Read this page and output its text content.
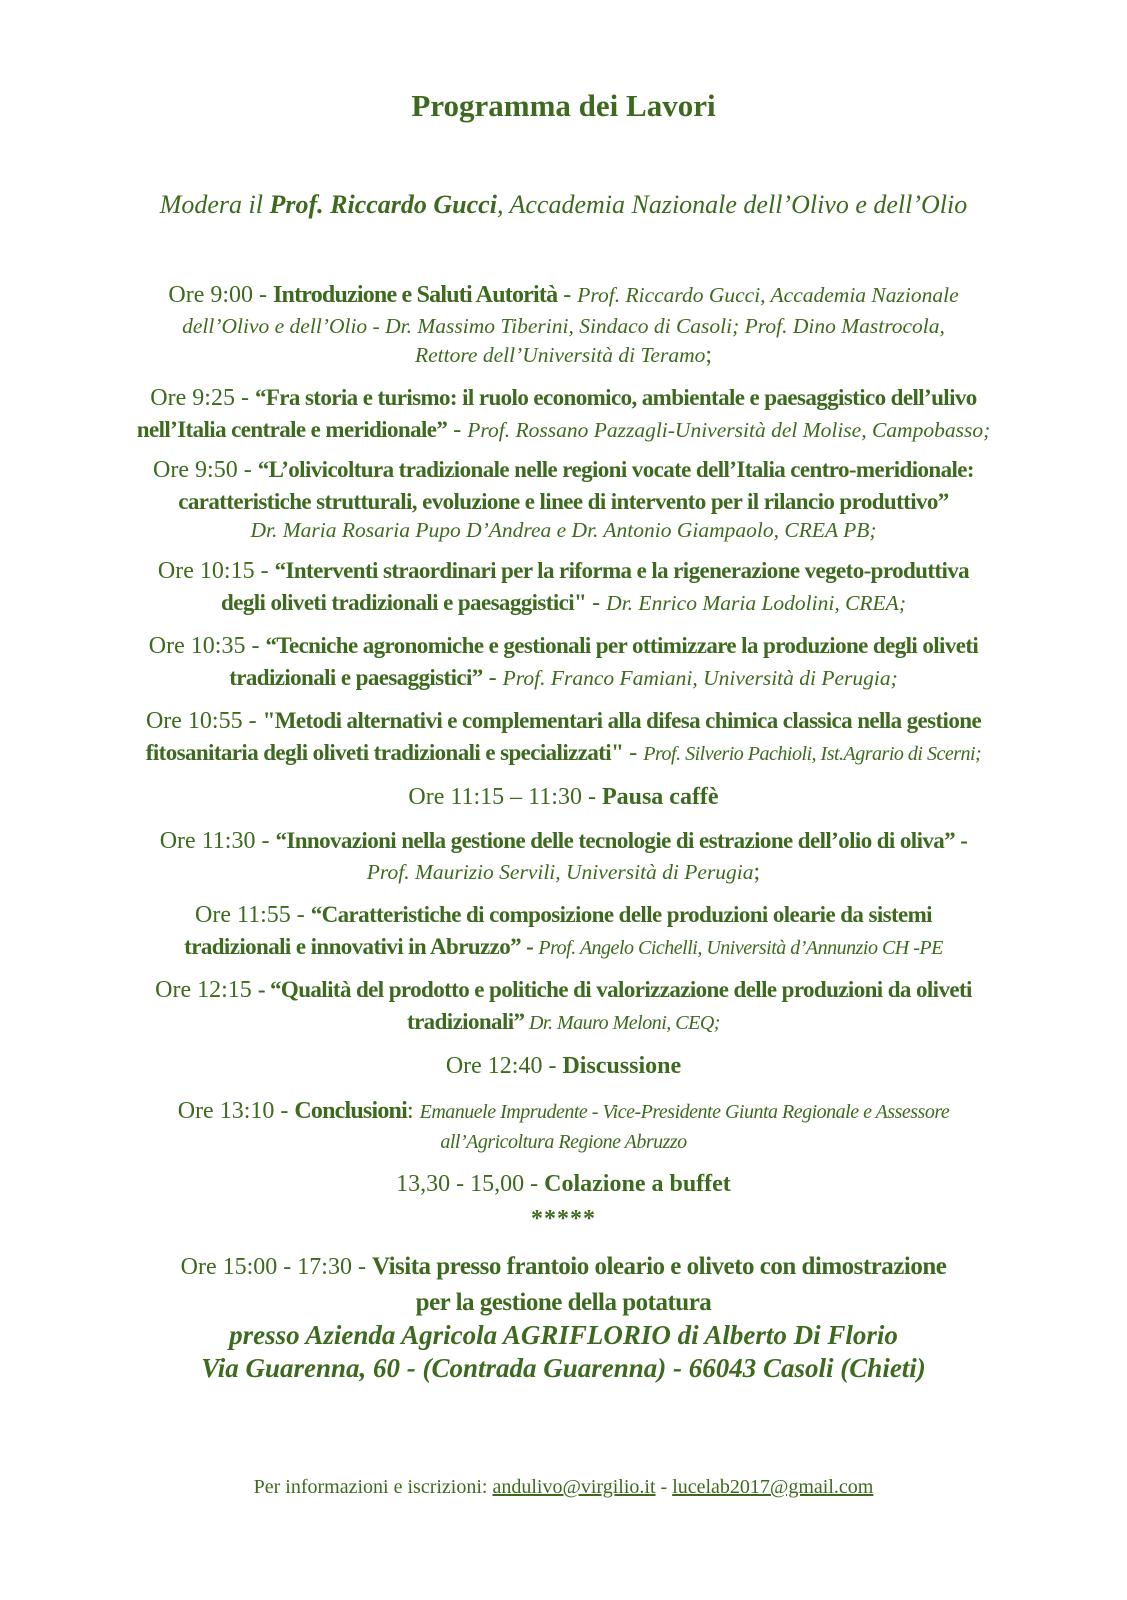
Programma dei Lavori
Modera il Prof. Riccardo Gucci, Accademia Nazionale dell’Olivo e dell’Olio
Ore 9:00 - Introduzione e Saluti Autorità - Prof. Riccardo Gucci, Accademia Nazionale
dell’Olivo e dell’Olio - Dr. Massimo Tiberini, Sindaco di Casoli; Prof. Dino Mastrocola,
Rettore dell’Università di Teramo;
Ore 9:25 - “Fra storia e turismo: il ruolo economico, ambientale e paesaggistico dell’ulivo
nell’Italia centrale e meridionale” - Prof. Rossano Pazzagli-Università del Molise, Campobasso;
Ore 9:50 - “L’olivicoltura tradizionale nelle regioni vocate dell’Italia centro-meridionale:
caratteristiche strutturali, evoluzione e linee di intervento per il rilancio produttivo”
Dr. Maria Rosaria Pupo D’Andrea e Dr. Antonio Giampaolo, CREA PB;
Ore 10:15 - “Interventi straordinari per la riforma e la rigenerazione vegeto-produttiva
degli oliveti tradizionali e paesaggistici" - Dr. Enrico Maria Lodolini, CREA;
Ore 10:35 - “Tecniche agronomiche e gestionali per ottimizzare la produzione degli oliveti
tradizionali e paesaggistici” - Prof. Franco Famiani, Università di Perugia;
Ore 10:55 - "Metodi alternativi e complementari alla difesa chimica classica nella gestione
fitosanitaria degli oliveti tradizionali e specializzati" - Prof. Silverio Pachioli, Ist.Agrario di Scerni;
Ore 11:15 – 11:30 - Pausa caffè
Ore 11:30 - “Innovazioni nella gestione delle tecnologie di estrazione dell’olio di oliva” -
Prof. Maurizio Servili, Università di Perugia;
Ore 11:55 - “Caratteristiche di composizione delle produzioni olearie da sistemi
tradizionali e innovativi in Abruzzo” - Prof. Angelo Cichelli, Università d’Annunzio CH -PE
Ore 12:15 - “Qualità del prodotto e politiche di valorizzazione delle produzioni da oliveti
tradizionali” Dr. Mauro Meloni, CEQ;
Ore 12:40 - Discussione
Ore 13:10 - Conclusioni: Emanuele Imprudente - Vice-Presidente Giunta Regionale e Assessore
all’Agricoltura Regione Abruzzo
13,30 - 15,00 - Colazione a buffet
*****
Ore 15:00 - 17:30 - Visita presso frantoio oleario e oliveto con dimostrazione
per la gestione della potatura
presso Azienda Agricola AGRIFLORIO di Alberto Di Florio
Via Guarenna, 60 - (Contrada Guarenna) - 66043 Casoli (Chieti)
Per informazioni e iscrizioni: andulivo@virgilio.it - lucelab2017@gmail.com
